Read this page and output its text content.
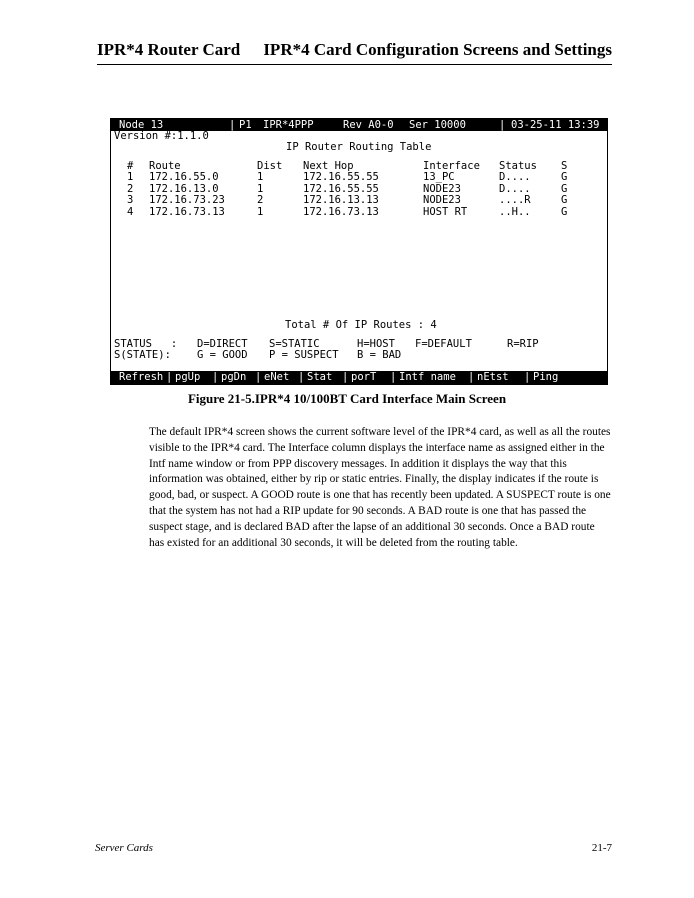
IPR*4 Router Card IPR*4 Card Configuration Screens and Settings
Node 13	| P1 IPR*4PPP	Rev A0-0 Ser 10000	| 03-25-11 13:39
Version #:1.1.0
IP Router Routing Table
# Route	Dist Next Hop	Interface Status S
1 172.16.55.0	1	172.16.55.55	13_PC	D....	G
2 172.16.13.0	1	172.16.55.55	NODE23	D....	G
3 172.16.73.23	2	172.16.13.13	NODE23	....R	G
4 172.16.73.13	1	172.16.73.13	HOST RT	..H..	G
Total # Of IP Routes : 4
STATUS   : D=DIRECT S=STATIC	H=HOST F=DEFAULT	R=RIP
S(STATE): G = GOOD P = SUSPECT B = BAD
Refresh | pgUp | pgDn | eNet | Stat | porT | Intf name | nEtst | Ping
Figure 21-5.IPR*4 10/100BT Card Interface Main Screen
The default IPR*4 screen shows the current software level of the IPR*4 card, as well as all the routes visible to the IPR*4 card. The Interface column displays the interface name as assigned either in the Intf name window or from PPP discovery messages. In addition it displays the way that this information was obtained, either by rip or static entries. Finally, the display indicates if the route is good, bad, or suspect. A GOOD route is one that has recently been updated. A SUSPECT route is one that the system has not had a RIP update for 90 seconds. A BAD route is one that has passed the suspect stage, and is declared BAD after the lapse of an additional 30 seconds. Once a BAD route has existed for an additional 30 seconds, it will be deleted from the routing table.
Server Cards	21-7
